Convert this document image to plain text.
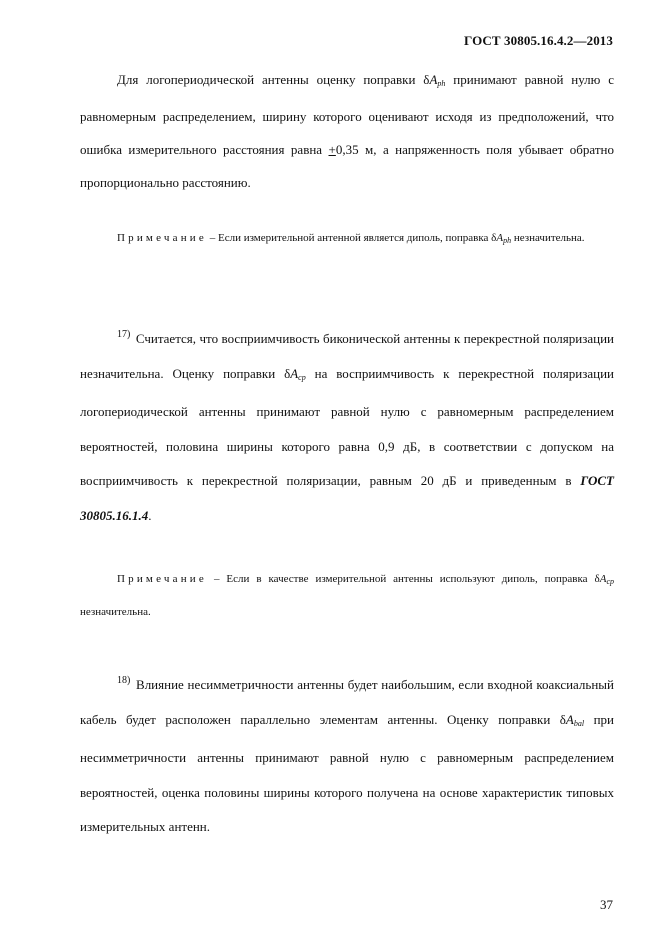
ГОСТ 30805.16.4.2—2013
Для логопериодической антенны оценку поправки $\delta A_{ph}$ принимают равной нулю с равномерным распределением, ширину которого оценивают исходя из предположений, что ошибка измерительного расстояния равна +0,35 м, а напряженность поля убывает обратно пропорционально расстоянию.
Примечание – Если измерительной антенной является диполь, поправка $\delta A_{ph}$ незначительна.
$^{17)}$ Считается, что восприимчивость биконической антенны к перекрестной поляризации незначительна. Оценку поправки $\delta A_{cp}$ на восприимчивость к перекрестной поляризации логопериодической антенны принимают равной нулю с равномерным распределением вероятностей, половина ширины которого равна 0,9 дБ, в соответствии с допуском на восприимчивость к перекрестной поляризации, равным 20 дБ и приведенным в ГОСТ 30805.16.1.4.
Примечание – Если в качестве измерительной антенны используют диполь, поправка $\delta A_{cp}$ незначительна.
$^{18)}$ Влияние несимметричности антенны будет наибольшим, если входной коаксиальный кабель будет расположен параллельно элементам антенны. Оценку поправки $\delta A_{bal}$ при несимметричности антенны принимают равной нулю с равномерным распределением вероятностей, оценка половины ширины которого получена на основе характеристик типовых измерительных антенн.
37
